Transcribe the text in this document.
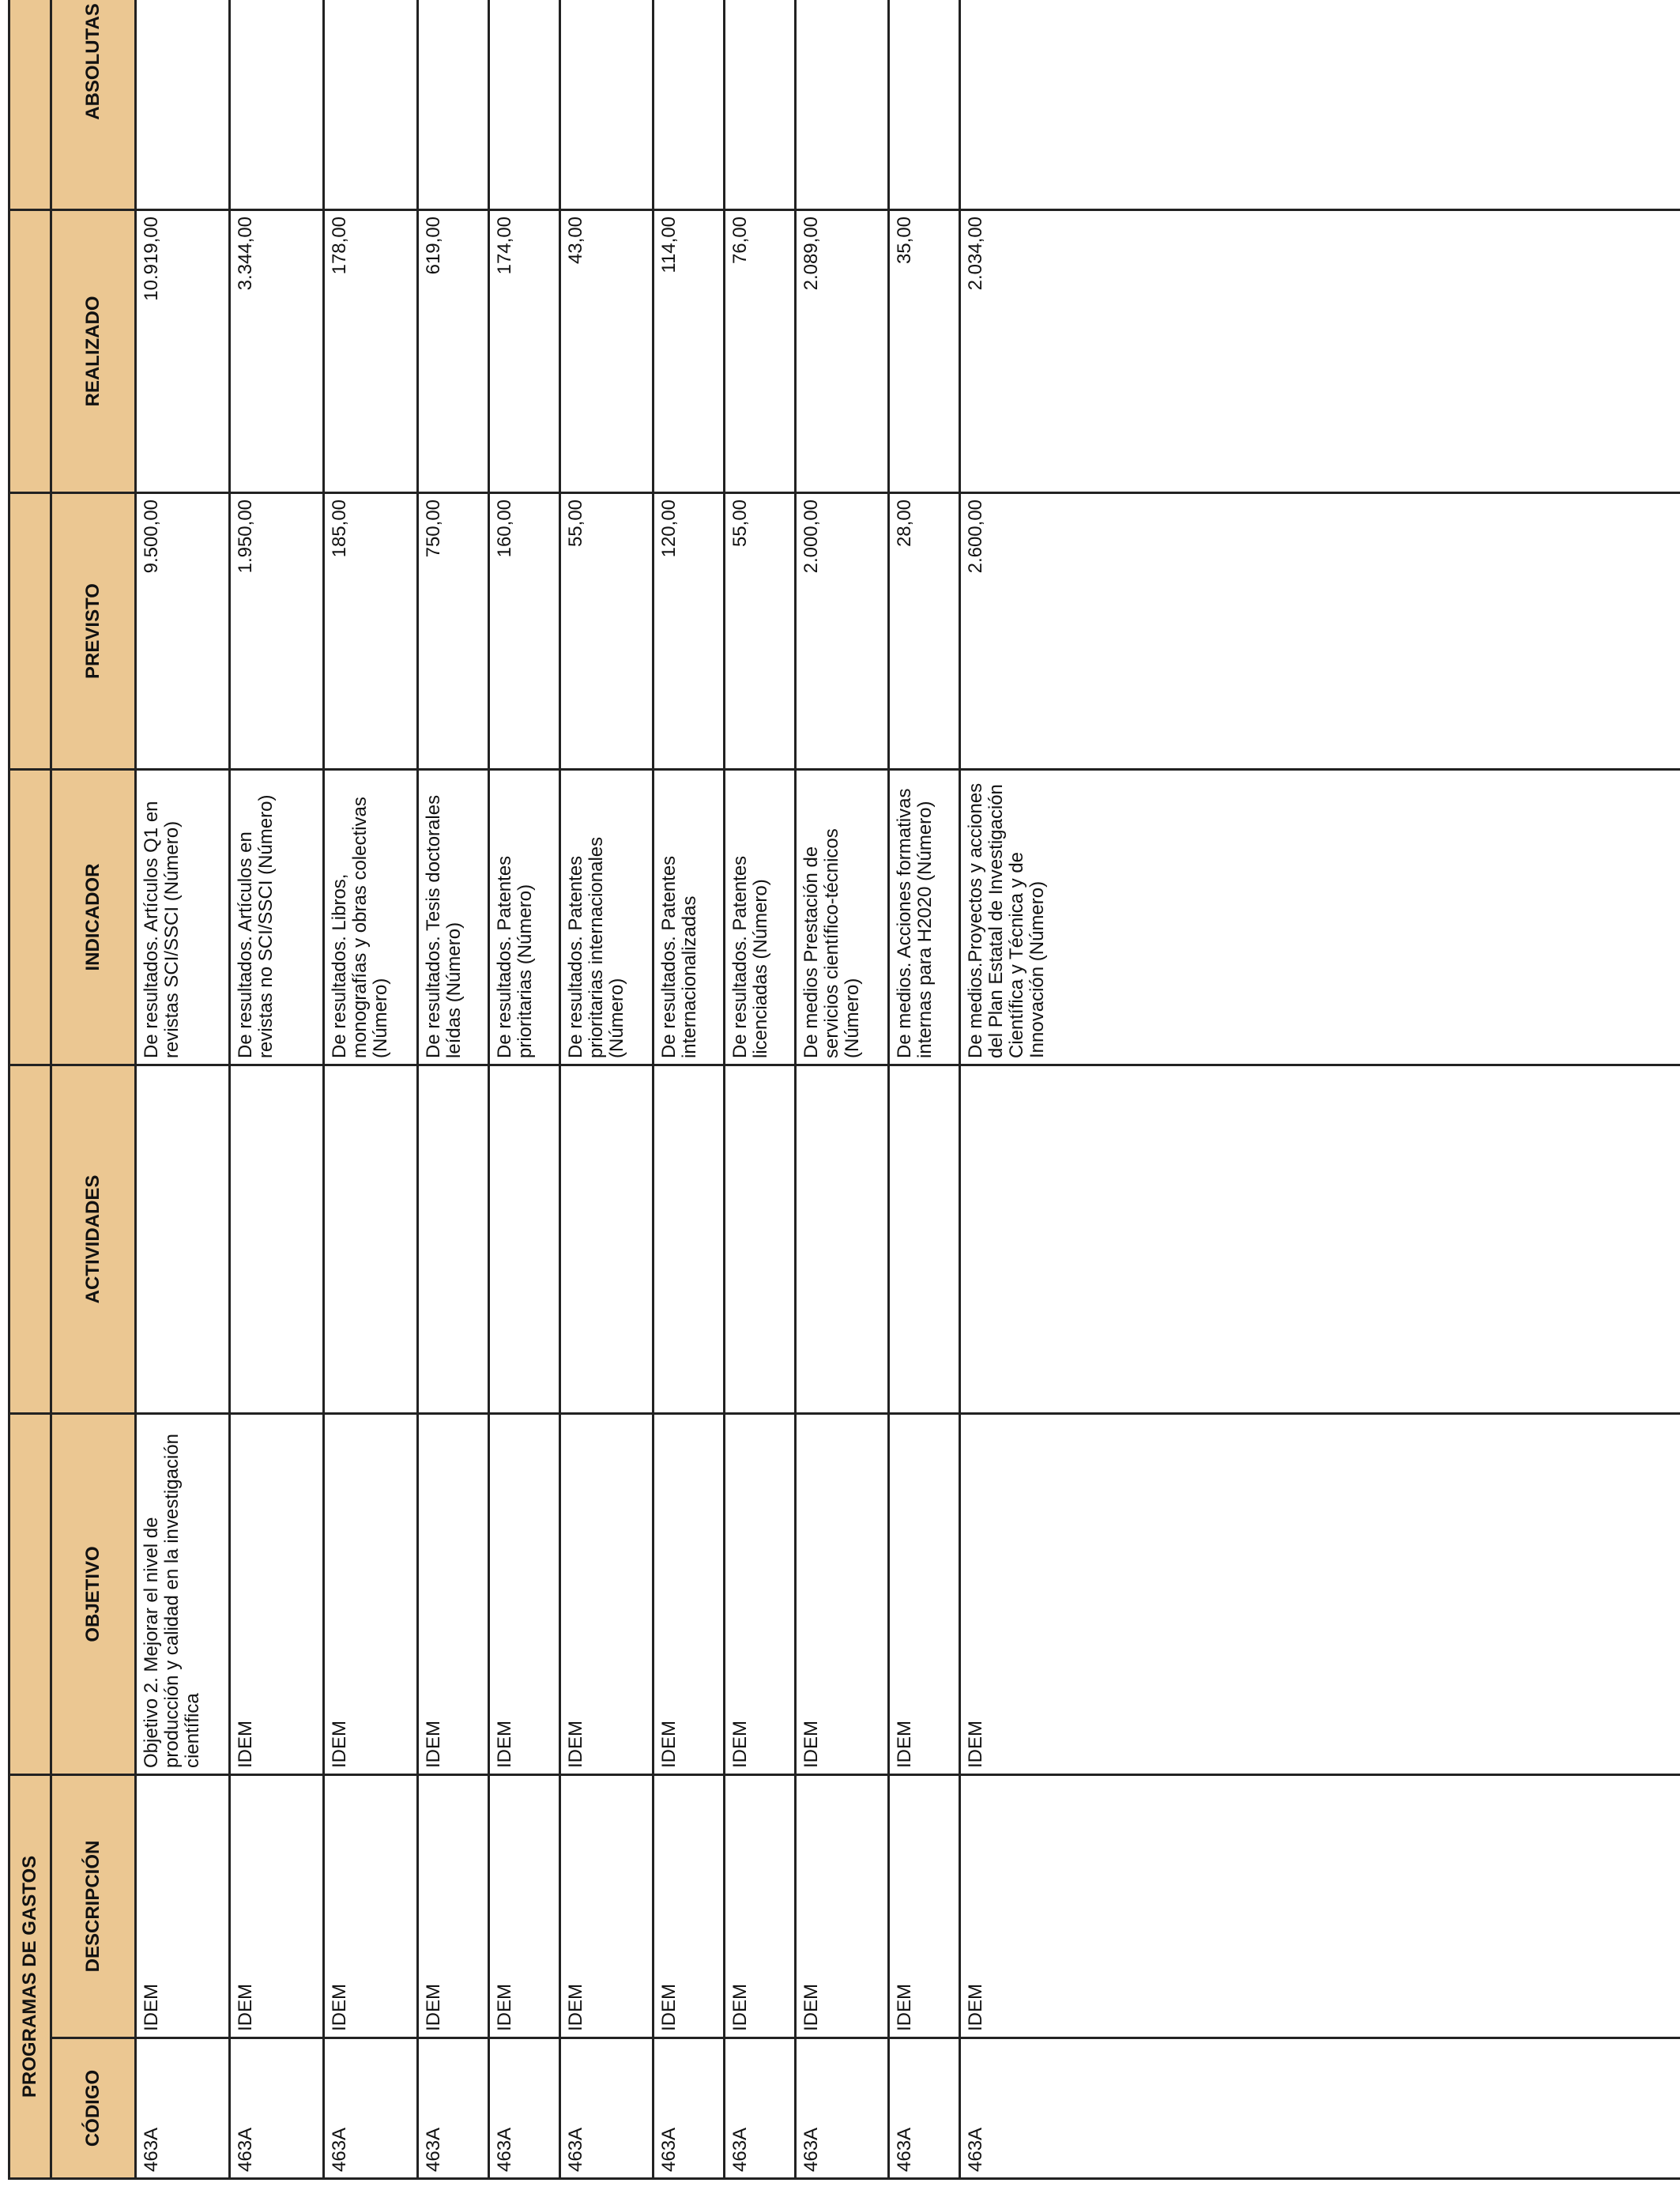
PROGRAMAS DE GASTOS						
CÓDIGO	DESCRIPCIÓN	OBJETIVO	ACTIVIDADES	INDICADOR	PREVISTO	REALIZADO	ABSOLUTAS	
463A	IDEM	Objetivo 2. Mejorar el nivel de producción y calidad en la investigación científica		De resultados. Artículos Q1 en revistas SCI/SSCI (Número)	9.500,00	10.919,00		
463A	IDEM	IDEM		De resultados. Artículos en revistas no SCI/SSCI (Número)	1.950,00	3.344,00		
463A	IDEM	IDEM		De resultados. Libros, monografías y obras colectivas (Número)	185,00	178,00		
463A	IDEM	IDEM		De resultados. Tesis doctorales leídas (Número)	750,00	619,00		
463A	IDEM	IDEM		De resultados. Patentes prioritarias (Número)	160,00	174,00		
463A	IDEM	IDEM		De resultados. Patentes prioritarias internacionales (Número)	55,00	43,00		
463A	IDEM	IDEM		De resultados. Patentes internacionalizadas	120,00	114,00		
463A	IDEM	IDEM		De resultados. Patentes licenciadas (Número)	55,00	76,00		
463A	IDEM	IDEM		De medios Prestación de servicios científico-técnicos (Número)	2.000,00	2.089,00		
463A	IDEM	IDEM		De medios. Acciones formativas internas para H2020 (Número)	28,00	35,00		
463A	IDEM	IDEM		De medios.Proyectos y acciones del Plan Estatal de Investigación Científica y Técnica y de Innovación (Número)	2.600,00	2.034,00		
